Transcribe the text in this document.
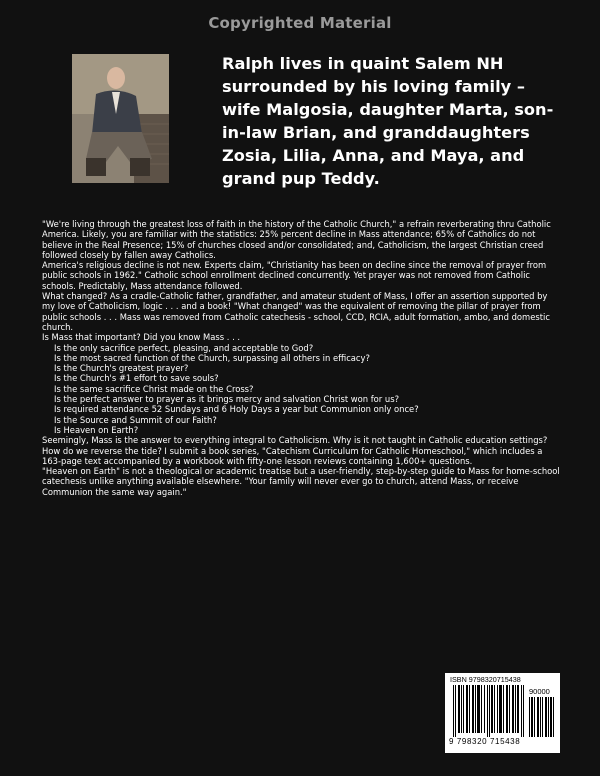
Copyrighted Material
Ralph lives in quaint Salem NH surrounded by his loving family – wife Malgosia, daughter Marta, son-in-law Brian, and granddaughters Zosia, Lilia, Anna, and Maya, and grand pup Teddy.

"We're living through the greatest loss of faith in the history of the Catholic Church," a refrain reverberating thru Catholic America. Likely, you are familiar with the statistics: 25% percent decline in Mass attendance; 65% of Catholics do not believe in the Real Presence; 15% of churches closed and/or consolidated; and, Catholicism, the largest Christian creed followed closely by fallen away Catholics.

America's religious decline is not new. Experts claim, "Christianity has been on decline since the removal of prayer from public schools in 1962." Catholic school enrollment declined concurrently. Yet prayer was not removed from Catholic schools. Predictably, Mass attendance followed.

What changed? As a cradle-Catholic father, grandfather, and amateur student of Mass, I offer an assertion supported by my love of Catholicism, logic . . . and a book! "What changed" was the equivalent of removing the pillar of prayer from public schools . . . Mass was removed from Catholic catechesis - school, CCD, RCIA, adult formation, ambo, and domestic church.

Is Mass that important? Did you know Mass . . .

Is the only sacrifice perfect, pleasing, and acceptable to God?

Is the most sacred function of the Church, surpassing all others in efficacy?

Is the Church's greatest prayer?

Is the Church's #1 effort to save souls?

Is the same sacrifice Christ made on the Cross?

Is the perfect answer to prayer as it brings mercy and salvation Christ won for us?

Is required attendance 52 Sundays and 6 Holy Days a year but Communion only once?

Is the Source and Summit of our Faith?

Is Heaven on Earth?

Seemingly, Mass is the answer to everything integral to Catholicism. Why is it not taught in Catholic education settings?

How do we reverse the tide? I submit a book series, "Catechism Curriculum for Catholic Homeschool," which includes a 163-page text accompanied by a workbook with fifty-one lesson reviews containing 1,600+ questions.

"Heaven on Earth" is not a theological or academic treatise but a user-friendly, step-by-step guide to Mass for home-school catechesis unlike anything available elsewhere. "Your family will never ever go to church, attend Mass, or receive Communion the same way again."

ISBN 9798320715438
90000
9 798320 715438
